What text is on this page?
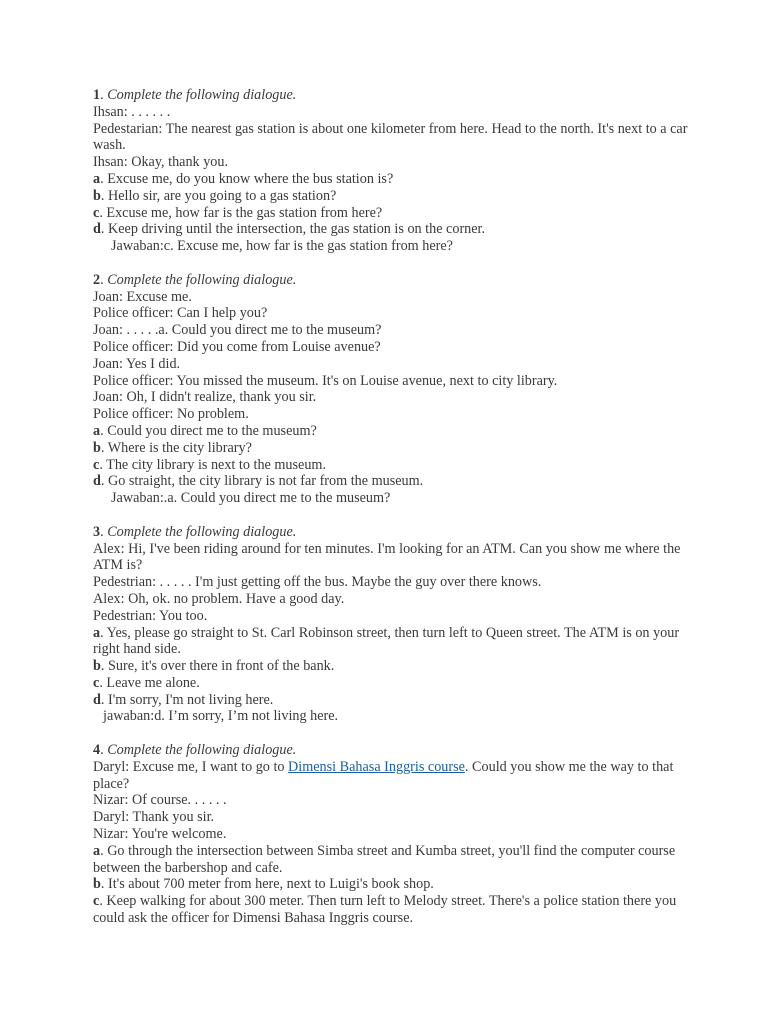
1. Complete the following dialogue.
Ihsan: . . . . . .
Pedestarian: The nearest gas station is about one kilometer from here. Head to the north. It's next to a car wash.
Ihsan: Okay, thank you.
a. Excuse me, do you know where the bus station is?
b. Hello sir, are you going to a gas station?
c. Excuse me, how far is the gas station from here?
d. Keep driving until the intersection, the gas station is on the corner.
Jawaban:c. Excuse me, how far is the gas station from here?
2. Complete the following dialogue.
Joan: Excuse me.
Police officer: Can I help you?
Joan: . . . . .a. Could you direct me to the museum?
Police officer: Did you come from Louise avenue?
Joan: Yes I did.
Police officer: You missed the museum. It's on Louise avenue, next to city library.
Joan: Oh, I didn't realize, thank you sir.
Police officer: No problem.
a. Could you direct me to the museum?
b. Where is the city library?
c. The city library is next to the museum.
d. Go straight, the city library is not far from the museum.
Jawaban:.a. Could you direct me to the museum?
3. Complete the following dialogue.
Alex: Hi, I've been riding around for ten minutes. I'm looking for an ATM. Can you show me where the ATM is?
Pedestrian: . . . . . I'm just getting off the bus. Maybe the guy over there knows.
Alex: Oh, ok. no problem. Have a good day.
Pedestrian: You too.
a. Yes, please go straight to St. Carl Robinson street, then turn left to Queen street. The ATM is on your right hand side.
b. Sure, it's over there in front of the bank.
c. Leave me alone.
d. I'm sorry, I'm not living here.
jawaban:d. I’m sorry, I’m not living here.
4. Complete the following dialogue.
Daryl: Excuse me, I want to go to Dimensi Bahasa Inggris course. Could you show me the way to that place?
Nizar: Of course. . . . . .
Daryl: Thank you sir.
Nizar: You're welcome.
a. Go through the intersection between Simba street and Kumba street, you'll find the computer course between the barbershop and cafe.
b. It's about 700 meter from here, next to Luigi's book shop.
c. Keep walking for about 300 meter. Then turn left to Melody street. There's a police station there you could ask the officer for Dimensi Bahasa Inggris course.
